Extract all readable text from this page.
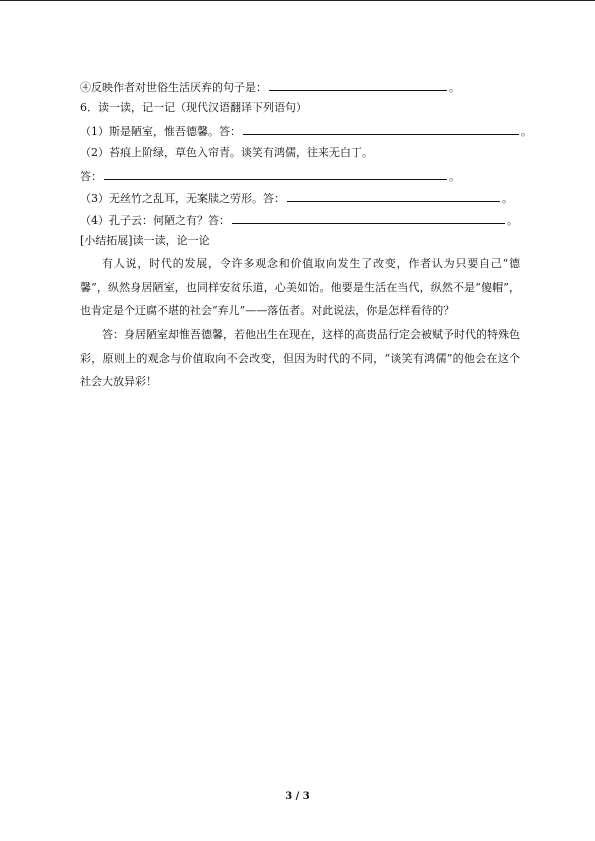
④反映作者对世俗生活厌弃的句子是：	。
6．读一读，记一记（现代汉语翻译下列语句）
（1）斯是陋室，惟吾德馨。答：	。
（2）苔痕上阶绿，草色入帘青。谈笑有鸿儒，往来无白丁。
答：	。
（3）无丝竹之乱耳，无案牍之劳形。答：	。
（4）孔子云：何陋之有？答：	。
[小结拓展]读一读，论一论
有人说，时代的发展，令许多观念和价值取向发生了改变，作者认为只要自己“德馨”，纵然身居陋室，也同样安贫乐道，心美如饴。他要是生活在当代，纵然不是“傻帽”，也肯定是个迂腐不堪的社会“弃儿”——落伍者。对此说法，你是怎样看待的？
答：身居陋室却惟吾德馨，若他出生在现在，这样的高贵品行定会被赋予时代的特殊色彩，原则上的观念与价值取向不会改变，但因为时代的不同，“谈笑有鸿儒”的他会在这个社会大放异彩！
3 / 3
